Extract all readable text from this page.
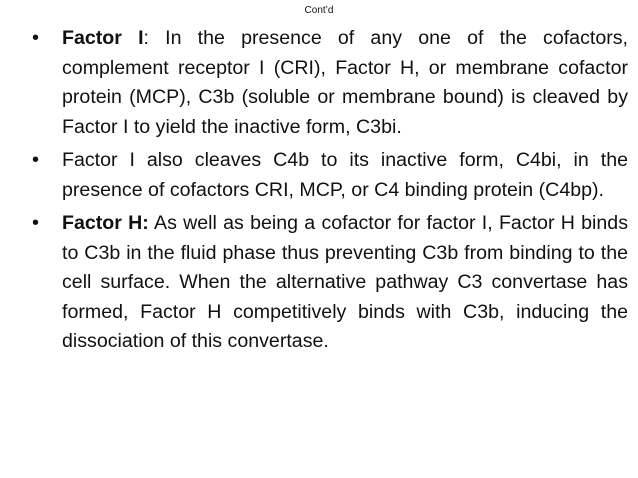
Cont’d
• Factor I: In the presence of any one of the cofactors, complement receptor I (CRI), Factor H, or membrane cofactor protein (MCP), C3b (soluble or membrane bound) is cleaved by Factor I to yield the inactive form, C3bi.
• Factor I also cleaves C4b to its inactive form, C4bi, in the presence of cofactors CRI, MCP, or C4 binding protein (C4bp).
• Factor H: As well as being a cofactor for factor I, Factor H binds to C3b in the fluid phase thus preventing C3b from binding to the cell surface. When the alternative pathway C3 convertase has formed, Factor H competitively binds with C3b, inducing the dissociation of this convertase.
